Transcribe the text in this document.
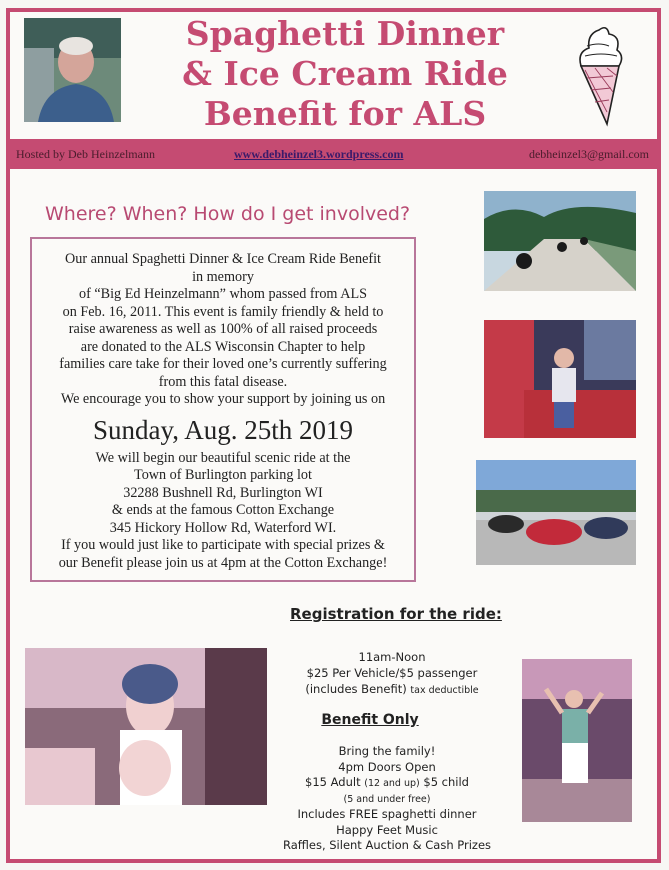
Spaghetti Dinner
& Ice Cream Ride
Benefit for ALS
Hosted by Deb Heinzelmann	www.debheinzel3.wordpress.com	debheinzel3@gmail.com
Where? When? How do I get involved?

Our annual Spaghetti Dinner & Ice Cream Ride Benefit

in memory

of “Big Ed Heinzelmann” whom passed from ALS

on Feb. 16, 2011. This event is family friendly & held to

raise awareness as well as 100% of all raised proceeds

are donated to the ALS Wisconsin Chapter to help

families care take for their loved one’s currently suffering

from this fatal disease.

We encourage you to show your support by joining us on

Sunday, Aug. 25th 2019

We will begin our beautiful scenic ride at the

Town of Burlington parking lot

32288 Bushnell Rd, Burlington WI

& ends at the famous Cotton Exchange

345 Hickory Hollow Rd, Waterford WI.

If you would just like to participate with special prizes &

our Benefit please join us at 4pm at the Cotton Exchange!

Registration for the ride:
11am-Noon
$25 Per Vehicle/$5 passenger
(includes Benefit) tax deductible
Benefit Only
Bring the family!
4pm Doors Open
$15 Adult (12 and up) $5 child
(5 and under free)
Includes FREE spaghetti dinner
Happy Feet Music
Raffles, Silent Auction & Cash Prizes
